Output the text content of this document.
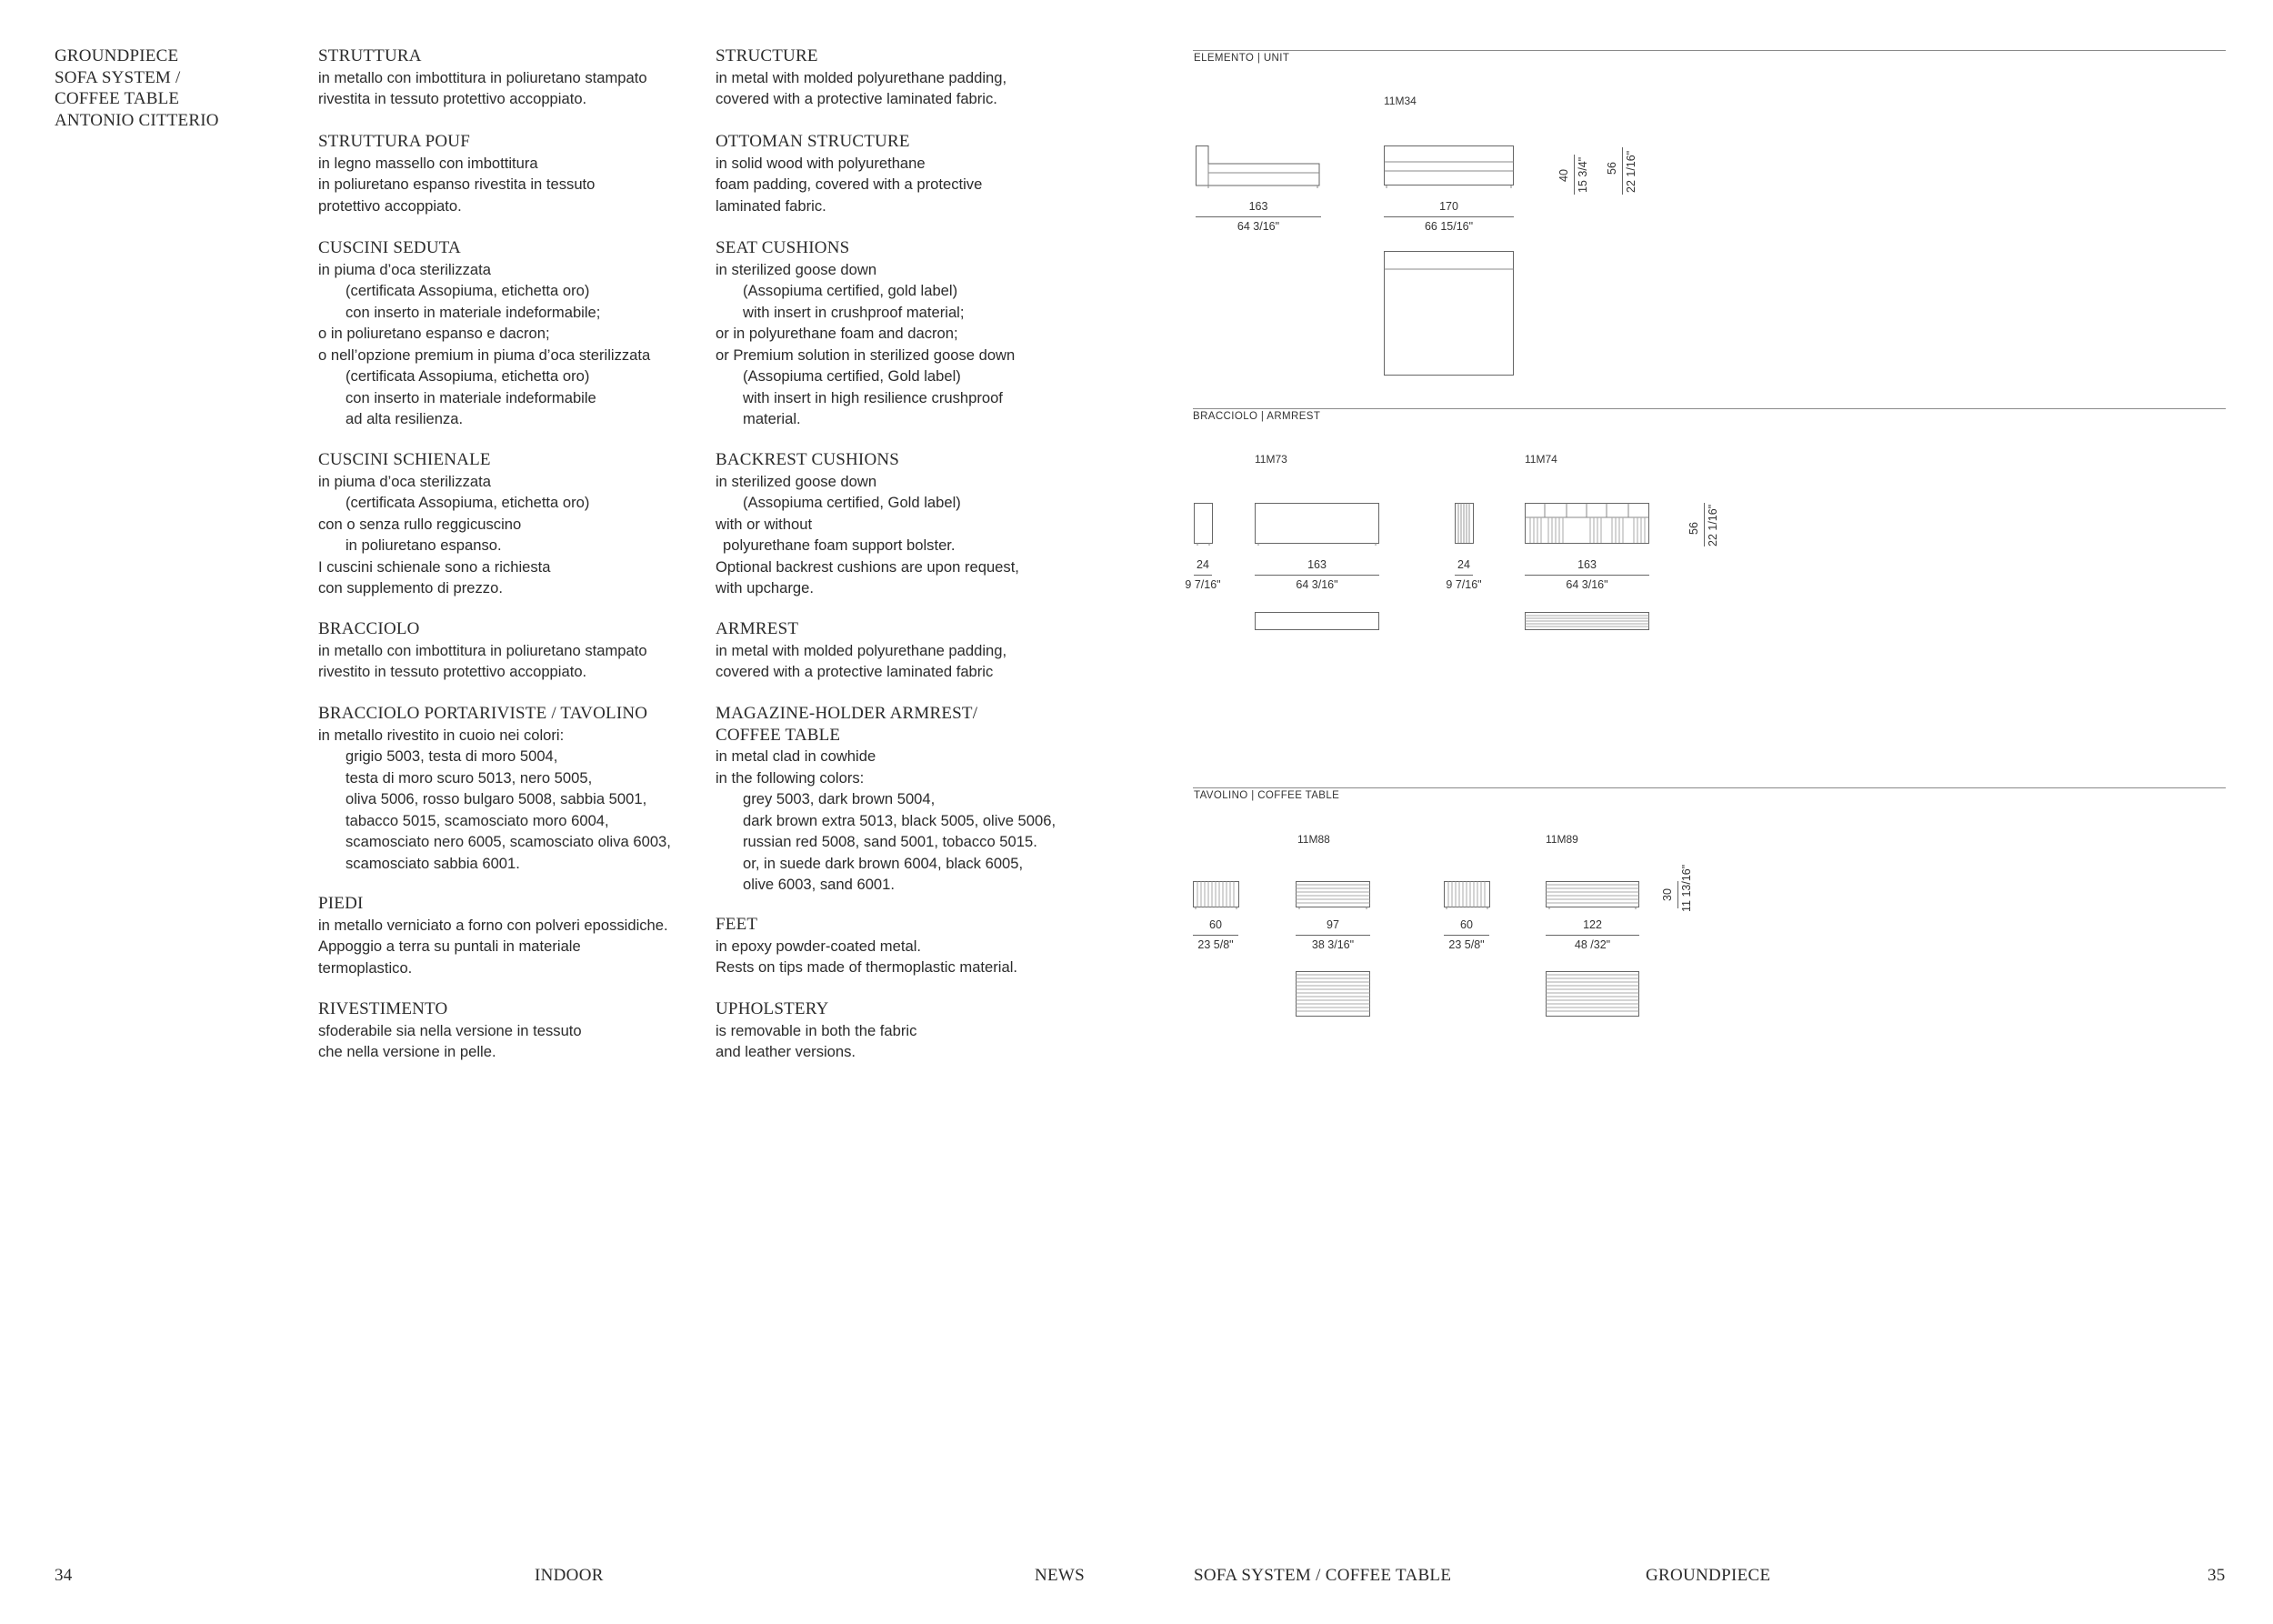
GROUNDPIECE
SOFA SYSTEM /
COFFEE TABLE
ANTONIO CITTERIO
STRUTTURA

in metallo con imbottitura in poliuretano stampato

rivestita in tessuto protettivo accoppiato.

STRUTTURA POUF

in legno massello con imbottitura

in poliuretano espanso rivestita in tessuto

protettivo accoppiato.

CUSCINI SEDUTA

in piuma d’oca sterilizzata

(certificata Assopiuma, etichetta oro)

con inserto in materiale indeformabile;

o in poliuretano espanso e dacron;

o nell’opzione premium in piuma d’oca sterilizzata

(certificata Assopiuma, etichetta oro)

con inserto in materiale indeformabile

ad alta resilienza.

CUSCINI SCHIENALE

in piuma d’oca sterilizzata

(certificata Assopiuma, etichetta oro)

con o senza rullo reggicuscino

in poliuretano espanso.

I cuscini schienale sono a richiesta

con supplemento di prezzo.

BRACCIOLO

in metallo con imbottitura in poliuretano stampato

rivestito in tessuto protettivo accoppiato.

BRACCIOLO PORTARIVISTE / TAVOLINO

in metallo rivestito in cuoio nei colori:

grigio 5003, testa di moro 5004,

testa di moro scuro 5013, nero 5005,

oliva 5006, rosso bulgaro 5008, sabbia 5001,

tabacco 5015, scamosciato moro 6004,

scamosciato nero 6005, scamosciato oliva 6003,

scamosciato sabbia 6001.

PIEDI

in metallo verniciato a forno con polveri epossidiche.

Appoggio a terra su puntali in materiale

termoplastico.

RIVESTIMENTO

sfoderabile sia nella versione in tessuto

che nella versione in pelle.

STRUCTURE

in metal with molded polyurethane padding,

covered with a protective laminated fabric.

OTTOMAN STRUCTURE

in solid wood with polyurethane

foam padding, covered with a protective

laminated fabric.

SEAT CUSHIONS

in sterilized goose down

(Assopiuma certified, gold label)

with insert in crushproof material;

or in polyurethane foam and dacron;

or Premium solution in sterilized goose down

(Assopiuma certified, Gold label)

with insert in high resilience crushproof

material.

BACKREST CUSHIONS

in sterilized goose down

(Assopiuma certified, Gold label)

with or without

polyurethane foam support bolster.

Optional backrest cushions are upon request,

with upcharge.

ARMREST

in metal with molded polyurethane padding,

covered with a protective laminated fabric

MAGAZINE-HOLDER ARMREST/
COFFEE TABLE

in metal clad in cowhide

in the following colors:

grey 5003, dark brown 5004,

dark brown extra 5013, black 5005, olive 5006,

russian red 5008, sand 5001, tobacco 5015.

or, in suede dark brown 6004, black 6005,

olive 6003, sand 6001.

FEET

in epoxy powder-coated metal.

Rests on tips made of thermoplastic material.

UPHOLSTERY

is removable in both the fabric

and leather versions.

ELEMENTO | UNIT
11M34
163
64 3/16"
170
66 15/16"
40 15 3/4" 56 22 1/16"
BRACCIOLO | ARMREST
11M73	11M74
24
9 7/16"
163
64 3/16"
24
9 7/16"
163
64 3/16"
56 22 1/16"
TAVOLINO | COFFEE TABLE
11M88	11M89
60
23 5/8"
97
38 3/16"
60
23 5/8"
122
48 /32"
30 11 13/16"
34	INDOOR	NEWS	SOFA SYSTEM / COFFEE TABLE	GROUNDPIECE	35
